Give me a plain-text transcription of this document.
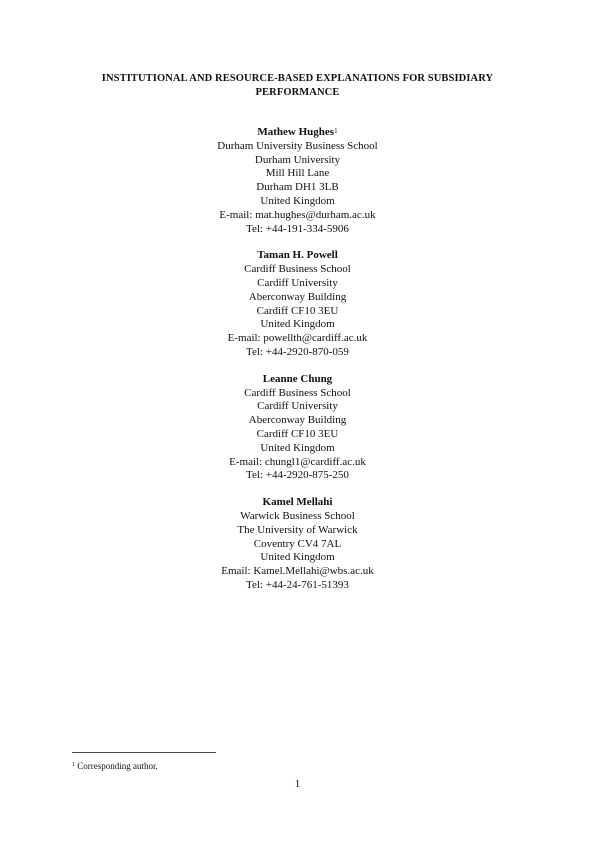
INSTITUTIONAL AND RESOURCE-BASED EXPLANATIONS FOR SUBSIDIARY
PERFORMANCE
Mathew Hughes$^1$
Durham University Business School
Durham University
Mill Hill Lane
Durham DH1 3LB
United Kingdom
E-mail: mat.hughes@durham.ac.uk
Tel: +44-191-334-5906
Taman H. Powell
Cardiff Business School
Cardiff University
Aberconway Building
Cardiff CF10 3EU
United Kingdom
E-mail: powellth@cardiff.ac.uk
Tel: +44-2920-870-059
Leanne Chung
Cardiff Business School
Cardiff University
Aberconway Building
Cardiff CF10 3EU
United Kingdom
E-mail: chungl1@cardiff.ac.uk
Tel: +44-2920-875-250
Kamel Mellahi
Warwick Business School
The University of Warwick
Coventry CV4 7AL
United Kingdom
Email: Kamel.Mellahi@wbs.ac.uk
Tel: +44-24-761-51393
$^1$ Corresponding author.
1
